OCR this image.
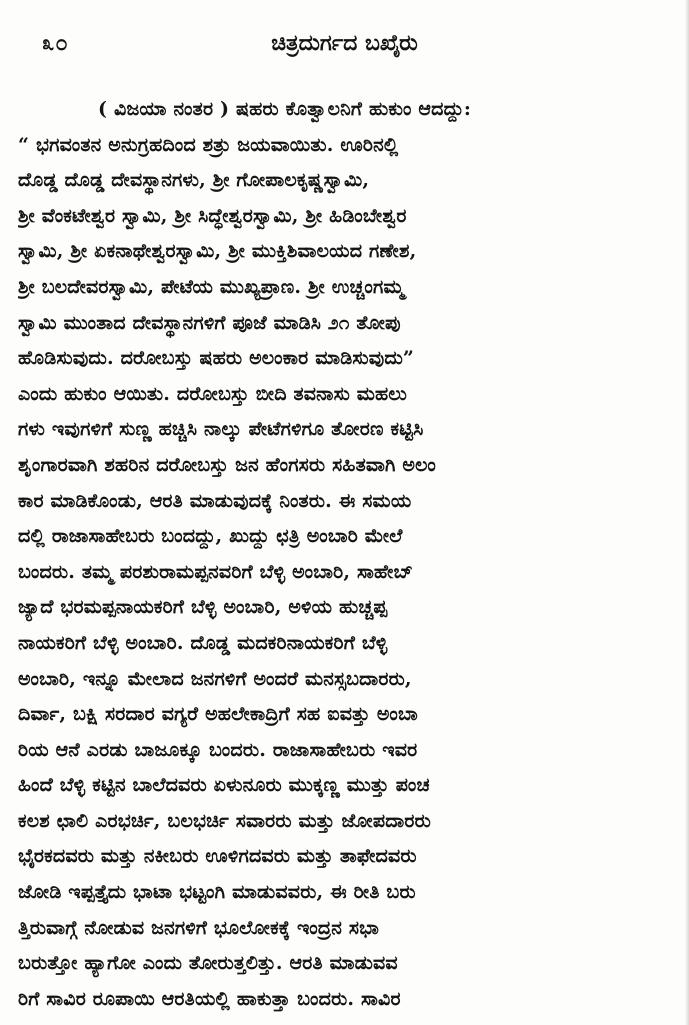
೩೦	ಚಿತ್ರದುರ್ಗದ ಬಖೈರು
( ವಿಜಯಾ ನಂತರ ) ಷಹರು ಕೊತ್ವಾಲನಿಗೆ ಹುಕುಂ ಆದದ್ದು:
“ ಭಗವಂತನ ಅನುಗ್ರಹದಿಂದ ಶತ್ರು ಜಯವಾಯಿತು. ಊರಿನಲ್ಲಿ
ದೊಡ್ಡ ದೊಡ್ಡ ದೇವಸ್ಥಾನಗಳು, ಶ್ರೀ ಗೋಪಾಲಕೃಷ್ಣಸ್ವಾಮಿ,
ಶ್ರೀ ವೆಂಕಟೇಶ್ವರ ಸ್ವಾಮಿ, ಶ್ರೀ ಸಿದ್ಧೇಶ್ವರಸ್ವಾಮಿ, ಶ್ರೀ ಹಿಡಿಂಬೇಶ್ವರ
ಸ್ವಾಮಿ, ಶ್ರೀ ಏಕನಾಥೇಶ್ವರಸ್ವಾಮಿ, ಶ್ರೀ ಮುಕ್ತಿಶಿವಾಲಯದ ಗಣೇಶ,
ಶ್ರೀ ಬಲದೇವರಸ್ವಾಮಿ, ಪೇಟೆಯ ಮುಖ್ಯಪ್ರಾಣ. ಶ್ರೀ ಉಚ್ಚಂಗಮ್ಮ
ಸ್ವಾಮಿ ಮುಂತಾದ ದೇವಸ್ಥಾನಗಳಿಗೆ ಪೂಜೆ ಮಾಡಿಸಿ ೨೧ ತೋಪು
ಹೊಡಿಸುವುದು. ದರೋಬಸ್ತು ಷಹರು ಅಲಂಕಾರ ಮಾಡಿಸುವುದು”
ಎಂದು ಹುಕುಂ ಆಯಿತು. ದರೋಬಸ್ತು ಬೀದಿ ತವನಾಸು ಮಹಲು
ಗಳು ಇವುಗಳಿಗೆ ಸುಣ್ಣ ಹಚ್ಚಿಸಿ ನಾಲ್ಕು ಪೇಟೆಗಳಿಗೂ ತೋರಣ ಕಟ್ಟಿಸಿ
ಶೃಂಗಾರವಾಗಿ ಶಹರಿನ ದರೋಬಸ್ತು ಜನ ಹೆಂಗಸರು ಸಹಿತವಾಗಿ ಅಲಂ
ಕಾರ ಮಾಡಿಕೊಂಡು, ಆರತಿ ಮಾಡುವುದಕ್ಕೆ ನಿಂತರು. ಈ ಸಮಯ
ದಲ್ಲಿ ರಾಜಾಸಾಹೇಬರು ಬಂದದ್ದು, ಖುದ್ದು ಛತ್ರಿ ಅಂಬಾರಿ ಮೇಲೆ
ಬಂದರು. ತಮ್ಮ ಪರಶುರಾಮಪ್ಪನವರಿಗೆ ಬೆಳ್ಳಿ ಅಂಬಾರಿ, ಸಾಹೇಬ್
ಜ್ಯಾದೆ ಭರಮಪ್ಪನಾಯಕರಿಗೆ ಬೆಳ್ಳಿ ಅಂಬಾರಿ, ಅಳಿಯ ಹುಚ್ಚಪ್ಪ
ನಾಯಕರಿಗೆ ಬೆಳ್ಳಿ ಅಂಬಾರಿ. ದೊಡ್ಡ ಮದಕರಿನಾಯಕರಿಗೆ ಬೆಳ್ಳಿ
ಅಂಬಾರಿ, ಇನ್ನೂ ಮೇಲಾದ ಜನಗಳಿಗೆ ಅಂದರೆ ಮನಸ್ಸಬದಾರರು,
ದಿರ್ವಾ, ಬಕ್ಷಿ ಸರದಾರ ವಗ್ಯರೆ ಅಹಲೇಕಾದ್ರಿಗೆ ಸಹ ಐವತ್ತು ಅಂಬಾ
ರಿಯ ಆನೆ ಎರಡು ಬಾಜೂಕ್ಕೂ ಬಂದರು. ರಾಜಾಸಾಹೇಬರು ಇವರ
ಹಿಂದೆ ಬೆಳ್ಳಿ ಕಟ್ಟಿನ ಬಾಲೆದವರು ಏಳುನೂರು ಮುಕ್ಕಣ್ಣ ಮುತ್ತು ಪಂಚ
ಕಲಶ ಛಾಲಿ ಎರಭರ್ಚಿ, ಬಲಭರ್ಚಿ ಸವಾರರು ಮತ್ತು ಜೋಪದಾರರು
ಭೈರಕದವರು ಮತ್ತು ನಕೀಬರು ಊಳಿಗದವರು ಮತ್ತು ತಾಫೇದವರು
ಜೋಡಿ ಇಪ್ಪತ್ತೈದು ಭಾಟಾ ಭಟ್ಟಂಗಿ ಮಾಡುವವರು, ಈ ರೀತಿ ಬರು
ತ್ತಿರುವಾಗ್ಗೆ ನೋಡುವ ಜನಗಳಿಗೆ ಭೂಲೋಕಕ್ಕೆ ಇಂದ್ರನ ಸಭಾ
ಬರುತ್ತೋ ಹ್ಯಾಗೋ ಎಂದು ತೋರುತ್ತಲಿತ್ತು. ಆರತಿ ಮಾಡುವವ
ರಿಗೆ ಸಾವಿರ ರೂಪಾಯಿ ಆರತಿಯಲ್ಲಿ ಹಾಕುತ್ತಾ ಬಂದರು. ಸಾವಿರ
